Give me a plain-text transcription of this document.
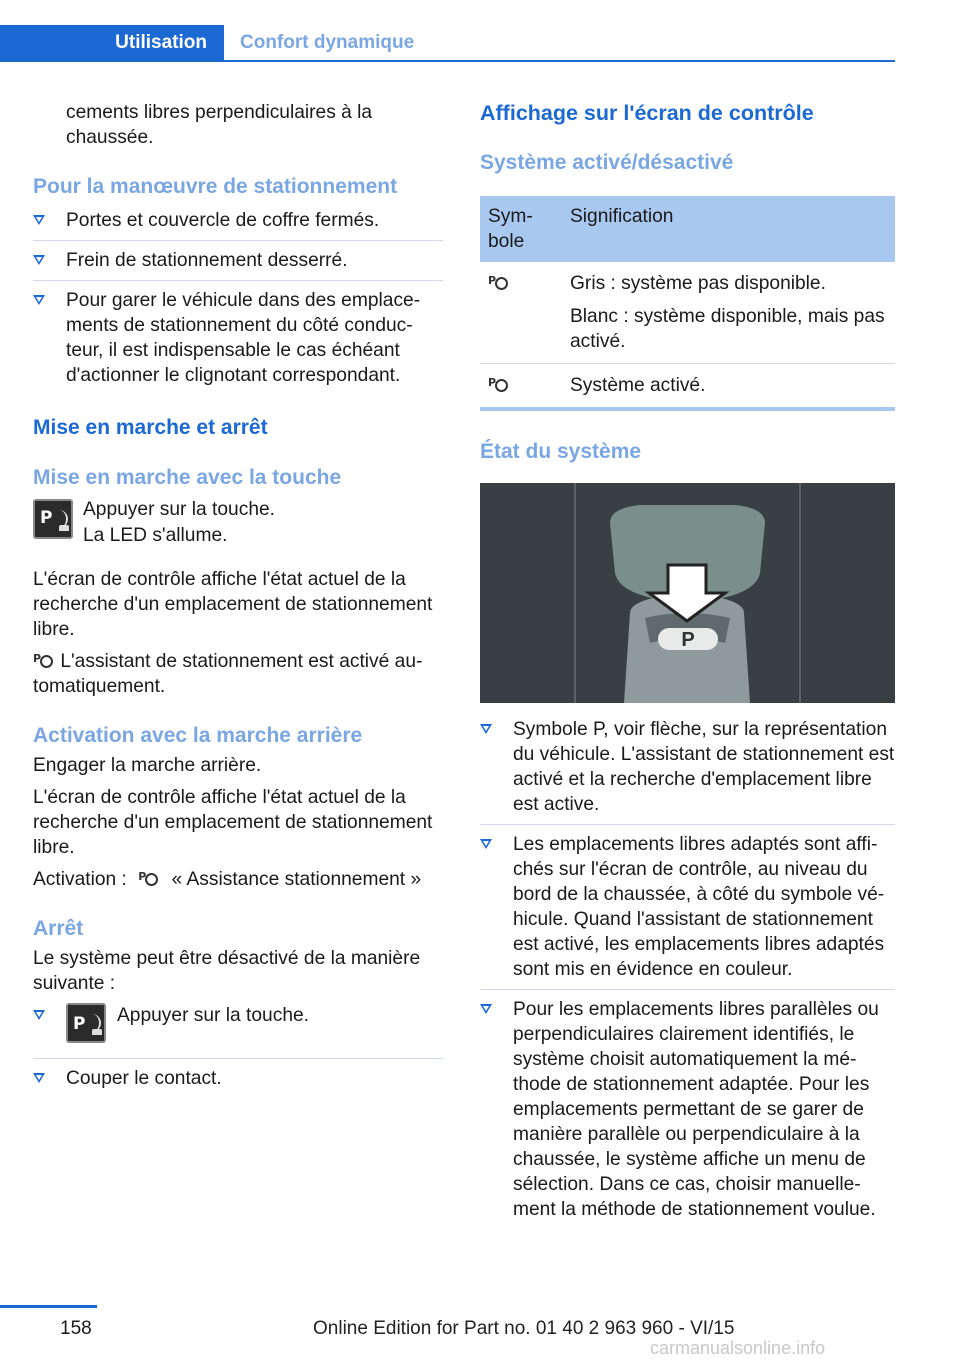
Utilisation	Confort dynamique

cements libres perpendiculaires à la chaussée.

Pour la manœuvre de stationnement
Portes et couvercle de coffre fermés.
Frein de stationnement desserré.
Pour garer le véhicule dans des emplacements de stationnement du côté conducteur, il est indispensable le cas échéant d'actionner le clignotant correspondant.
Mise en marche et arrêt
Mise en marche avec la touche
P Appuyer sur la touche.

La LED s'allume.

L'écran de contrôle affiche l'état actuel de la recherche d'un emplacement de stationnement libre.

P L'assistant de stationnement est activé automatiquement.

Activation avec la marche arrière

Engager la marche arrière.

L'écran de contrôle affiche l'état actuel de la recherche d'un emplacement de stationnement libre.

Activation : P « Assistance stationnement »

Arrêt

Le système peut être désactivé de la manière suivante :

P Appuyer sur la touche.
Couper le contact.
Affichage sur l'écran de contrôle
Système activé/désactivé
Symbole	Signification

P	Gris : système pas disponible.
Blanc : système disponible, mais pas activé.

P	Système activé.
État du système
P
Symbole P, voir flèche, sur la représentation du véhicule. L'assistant de stationnement est activé et la recherche d'emplacement libre est active.
Les emplacements libres adaptés sont affichés sur l'écran de contrôle, au niveau du bord de la chaussée, à côté du symbole véhicule. Quand l'assistant de stationnement est activé, les emplacements libres adaptés sont mis en évidence en couleur.
Pour les emplacements libres parallèles ou perpendiculaires clairement identifiés, le système choisit automatiquement la méthode de stationnement adaptée. Pour les emplacements permettant de se garer de manière parallèle ou perpendiculaire à la chaussée, le système affiche un menu de sélection. Dans ce cas, choisir manuellement la méthode de stationnement voulue.
158	Online Edition for Part no. 01 40 2 963 960 - VI/15
carmanualsonline.info
